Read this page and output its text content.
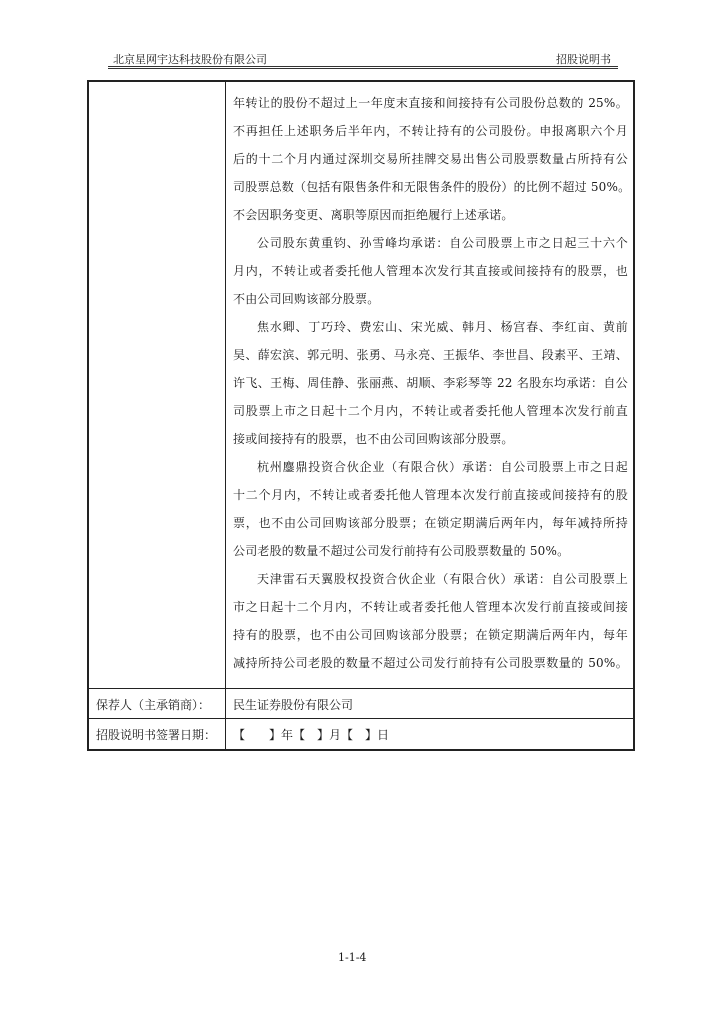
北京星网宇达科技股份有限公司	招股说明书
年转让的股份不超过上一年度末直接和间接持有公司股份总数的 25%。
不再担任上述职务后半年内，不转让持有的公司股份。申报离职六个月
后的十二个月内通过深圳交易所挂牌交易出售公司股票数量占所持有公
司股票总数（包括有限售条件和无限售条件的股份）的比例不超过 50%。
不会因职务变更、离职等原因而拒绝履行上述承诺。
公司股东黄重钧、孙雪峰均承诺：自公司股票上市之日起三十六个
月内，不转让或者委托他人管理本次发行其直接或间接持有的股票，也
不由公司回购该部分股票。
焦水卿、丁巧玲、费宏山、宋光威、韩月、杨宫春、李红亩、黄前
昊、薛宏滨、郭元明、张勇、马永亮、王振华、李世昌、段素平、王靖、
许飞、王梅、周佳静、张丽燕、胡顺、李彩琴等 22 名股东均承诺：自公
司股票上市之日起十二个月内，不转让或者委托他人管理本次发行前直
接或间接持有的股票，也不由公司回购该部分股票。
杭州鏖鼎投资合伙企业（有限合伙）承诺：自公司股票上市之日起
十二个月内，不转让或者委托他人管理本次发行前直接或间接持有的股
票，也不由公司回购该部分股票；在锁定期满后两年内，每年减持所持
公司老股的数量不超过公司发行前持有公司股票数量的 50%。
天津雷石天翼股权投资合伙企业（有限合伙）承诺：自公司股票上
市之日起十二个月内，不转让或者委托他人管理本次发行前直接或间接
持有的股票，也不由公司回购该部分股票；在锁定期满后两年内，每年
减持所持公司老股的数量不超过公司发行前持有公司股票数量的 50%。
保荐人（主承销商）： 民生证券股份有限公司
招股说明书签署日期： 【　　】年【　】月【　】日
1-1-4
